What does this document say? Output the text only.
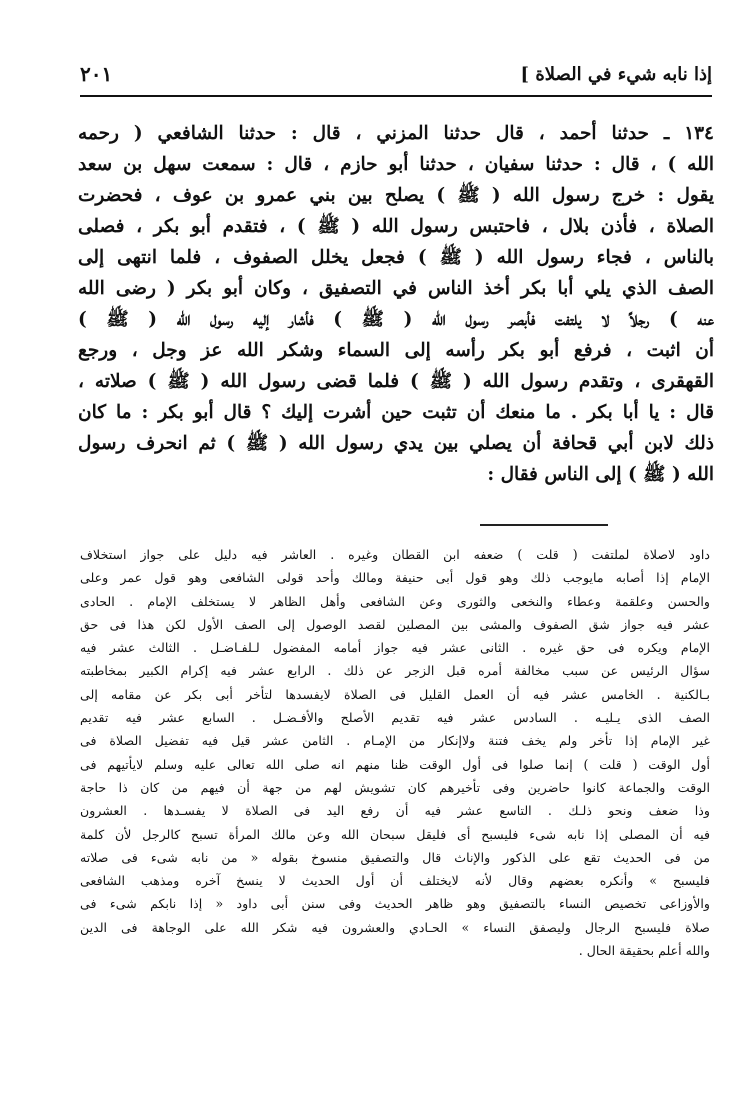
إذا نابه شيء في الصلاة ]
٢٠١
١٣٤ ـ حدثنا أحمد ، قال حدثنا المزني ، قال : حدثنا الشافعي ( رحمه
الله ) ، قال : حدثنا سفيان ، حدثنا أبو حازم ، قال : سمعت سهل بن سعد
يقول : خرج رسول الله ( ﷺ ) يصلح بين بني عمرو بن عوف ، فحضرت
الصلاة ، فأذن بلال ، فاحتبس رسول الله ( ﷺ ) ، فتقدم أبو بكر ، فصلى
بالناس ، فجاء رسول الله ( ﷺ ) فجعل يخلل الصفوف ، فلما انتهى إلى
الصف الذي يلي أبا بكر أخذ الناس في التصفيق ، وكان أبو بكر ( رضى الله
عنه ) رجلاً لا يلتفت فأبصر رسول الله ( ﷺ ) فأشار إليه رسول الله ( ﷺ )
أن اثبت ، فرفع أبو بكر رأسه إلى السماء وشكر الله عز وجل ، ورجع
القهقرى ، وتقدم رسول الله ( ﷺ ) فلما قضى رسول الله ( ﷺ ) صلاته ،
قال : يا أبا بكر . ما منعك أن تثبت حين أشرت إليك ؟ قال أبو بكر : ما كان
ذلك لابن أبي قحافة أن يصلي بين يدي رسول الله ( ﷺ ) ثم انحرف رسول
الله ( ﷺ ) إلى الناس فقال :
داود لاصلاة لملتفت ( قلت ) ضعفه ابن القطان وغيره . العاشر فيه دليل على جواز استخلاف
الإمام إذا أصابه مايوجب ذلك وهو قول أبى حنيفة ومالك وأحد قولى الشافعى وهو قول عمر وعلى
والحسن وعلقمة وعطاء والنخعى والثورى وعن الشافعى وأهل الظاهر لا يستخلف الإمام . الحادى
عشر فيه جواز شق الصفوف والمشى بين المصلين لقصد الوصول إلى الصف الأول لكن هذا فى حق
الإمام ويكره فى حق غيره . الثانى عشر فيه جواز أمامه المفضول لـلفـاضـل . الثالث عشر فيه
سؤال الرئيس عن سبب مخالفة أمره قبل الزجر عن ذلك . الرابع عشر فيه إكرام الكبير بمخاطبته
بـالكنية . الخامس عشر فيه أن العمل القليل فى الصلاة لايفسدها لتأخر أبى بكر عن مقامه إلى
الصف الذى يـليـه . السادس عشر فيه تقديم الأصلح والأفـضـل . السابع عشر فيه تقديم
غير الإمام إذا تأخر ولم يخف فتنة ولاإنكار من الإمـام . الثامن عشر قيل فيه تفضيل الصلاة فى
أول الوقت ( قلت ) إنما صلوا فى أول الوقت ظنا منهم انه صلى الله تعالى عليه وسلم لايأتيهم فى
الوقت والجماعة كانوا حاضرين وفى تأخيرهم كان تشويش لهم من جهة أن فيهم من كان ذا حاجة
وذا ضعف ونحو ذلـك . التاسع عشر فيه أن رفع اليد فى الصلاة لا يفسـدها . العشرون
فيه أن المصلى إذا نابه شىء فليسبح أى فليقل سبحان الله وعن مالك المرأة تسبح كالرجل لأن كلمة
من فى الحديث تقع على الذكور والإناث قال والتصفيق منسوخ بقوله « من نابه شىء فى صلاته
فليسبح » وأنكره بعضهم وقال لأنه لايختلف أن أول الحديث لا ينسخ آخره ومذهب الشافعى
والأوزاعى تخصيص النساء بالتصفيق وهو ظاهر الحديث وفى سنن أبى داود « إذا نابكم شىء فى
صلاة فليسبح الرجال وليصفق النساء » الحـادي والعشرون فيه شكر الله على الوجاهة فى الدين
والله أعلم بحقيقة الحال .
